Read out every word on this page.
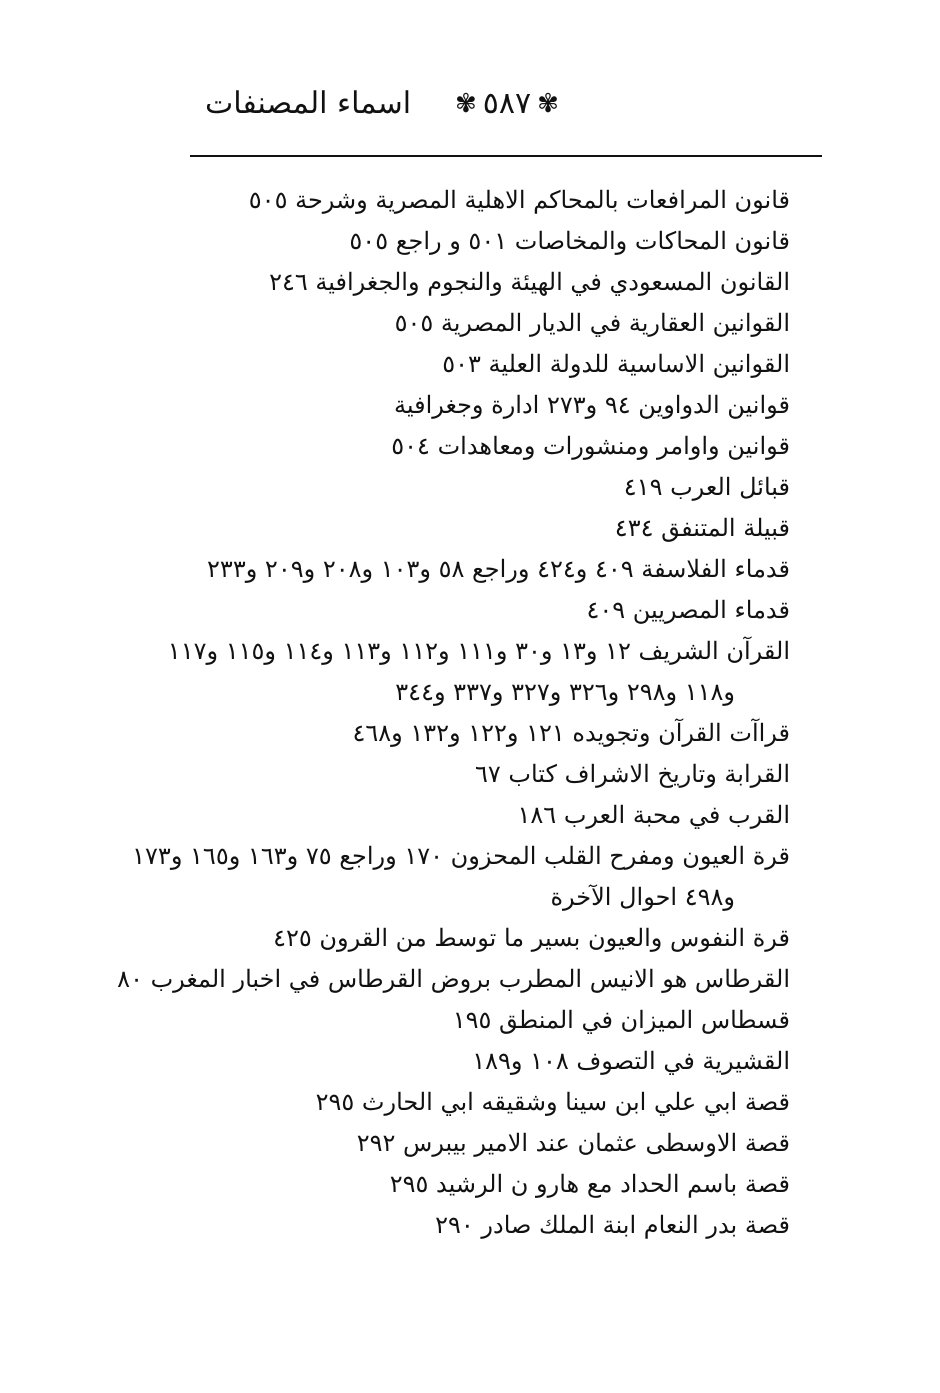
اسماء المصنفات	✾
٥٨٧
✾
قانون المرافعات بالمحاكم الاهلية المصرية وشرحة ٥٠٥
قانون المحاكات والمخاصات ٥٠١ و راجع ٥٠٥
القانون المسعودي في الهيئة والنجوم والجغرافية ٢٤٦
القوانين العقارية في الديار المصرية ٥٠٥
القوانين الاساسية للدولة العلية ٥٠٣
قوانين الدواوين ٩٤ و٢٧٣ ادارة وجغرافية
قوانين واوامر ومنشورات ومعاهدات ٥٠٤
قبائل العرب ٤١٩
قبيلة المتنفق ٤٣٤
قدماء الفلاسفة ٤٠٩ و٤٢٤ وراجع ٥٨ و١٠٣ و٢٠٨ و٢٠٩ و٢٣٣
قدماء المصريين ٤٠٩
القرآن الشريف ١٢ و١٣ و٣٠ و١١١ و١١٢ و١١٣ و١١٤ و١١٥ و١١٧
و١١٨ و٢٩٨ و٣٢٦ و٣٢٧ و٣٣٧ و٣٤٤
قراآت القرآن وتجويده ١٢١ و١٢٢ و١٣٢ و٤٦٨
القرابة وتاريخ الاشراف كتاب ٦٧
القرب في محبة العرب ١٨٦
قرة العيون ومفرح القلب المحزون ١٧٠ وراجع ٧٥ و١٦٣ و١٦٥ و١٧٣
و٤٩٨ احوال الآخرة
قرة النفوس والعيون بسير ما توسط من القرون ٤٢٥
القرطاس هو الانيس المطرب بروض القرطاس في اخبار المغرب ٨٠
قسطاس الميزان في المنطق ١٩٥
القشيرية في التصوف ١٠٨ و١٨٩
قصة ابي علي ابن سينا وشقيقه ابي الحارث ٢٩٥
قصة الاوسطى عثمان عند الامير بيبرس ٢٩٢
قصة باسم الحداد مع هارو ن الرشيد ٢٩٥
قصة بدر النعام ابنة الملك صادر ٢٩٠
